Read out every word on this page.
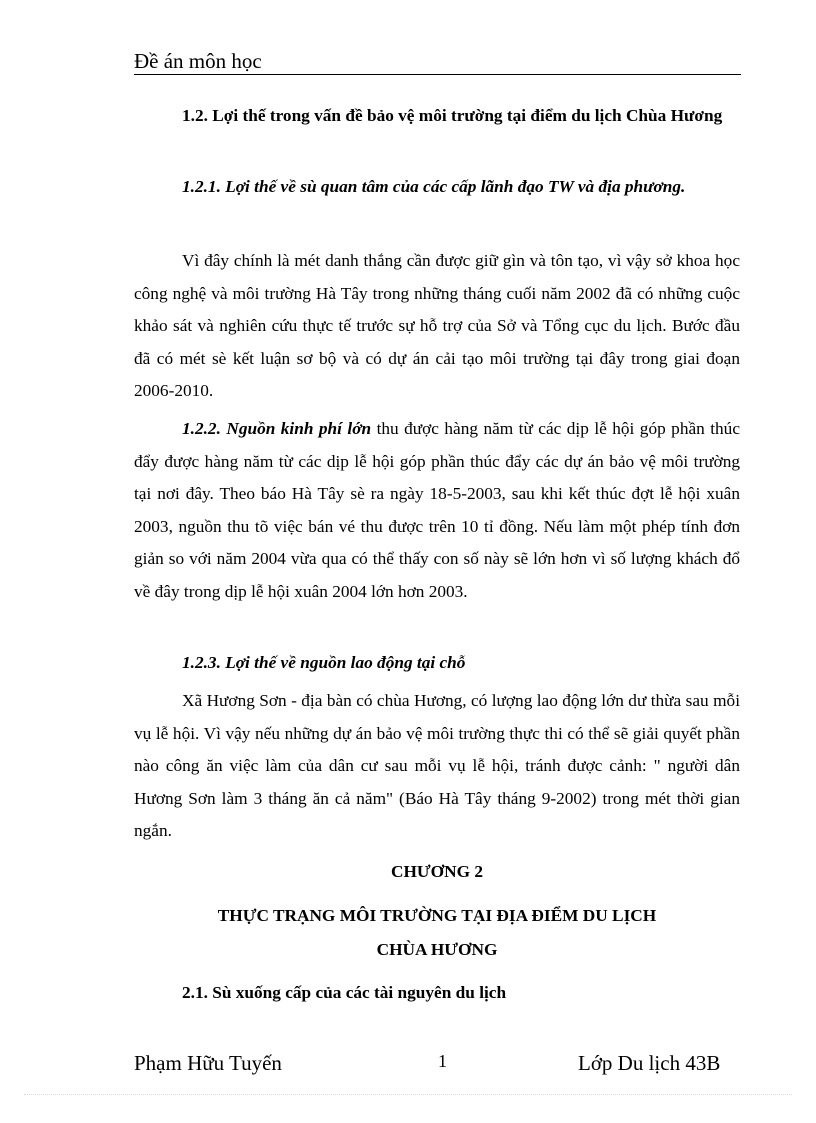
Đề án môn học
1.2. Lợi thế trong vấn đề bảo vệ môi trường tại điểm du lịch Chùa Hương
1.2.1. Lợi thế về sù quan tâm của các cấp lãnh đạo TW và địa phương.
Vì đây chính là mét danh thắng cần được giữ gìn và tôn tạo, vì vậy sở khoa học công nghệ và môi trường Hà Tây trong những tháng cuối năm 2002 đã có những cuộc khảo sát và nghiên cứu thực tế trước sự hỗ trợ của Sở và Tổng cục du lịch. Bước đầu đã có mét sè kết luận sơ bộ và có dự án cải tạo môi trường tại đây trong giai đoạn 2006-2010.
1.2.2. Nguồn kinh phí lớn thu được hàng năm từ các dịp lễ hội góp phần thúc đẩy được hàng năm từ các dịp lễ hội góp phần thúc đẩy các dự án bảo vệ môi trường tại nơi đây. Theo báo Hà Tây sè ra ngày 18-5-2003, sau khi kết thúc đợt lễ hội xuân 2003, nguồn thu tõ việc bán vé thu được trên 10 tỉ đồng. Nếu làm một phép tính đơn giản so với năm 2004 vừa qua có thể thấy con số này sẽ lớn hơn vì số lượng khách đổ về đây trong dịp lễ hội xuân 2004 lớn hơn 2003.
1.2.3. Lợi thế về nguồn lao động tại chỗ
Xã Hương Sơn - địa bàn có chùa Hương, có lượng lao động lớn dư thừa sau mỗi vụ lễ hội. Vì vậy nếu những dự án bảo vệ môi trường thực thi có thể sẽ giải quyết phần nào công ăn việc làm của dân cư sau mỗi vụ lễ hội, tránh được cảnh: " người dân Hương Sơn làm 3 tháng ăn cả năm" (Báo Hà Tây tháng 9-2002) trong mét thời gian ngắn.
CHƯƠNG 2
THỰC TRẠNG MÔI TRƯỜNG TẠI ĐỊA ĐIỂM DU LỊCH
CHÙA HƯƠNG
2.1. Sù xuống cấp của các tài nguyên du lịch
Phạm Hữu Tuyến	1	Lớp Du lịch 43B
